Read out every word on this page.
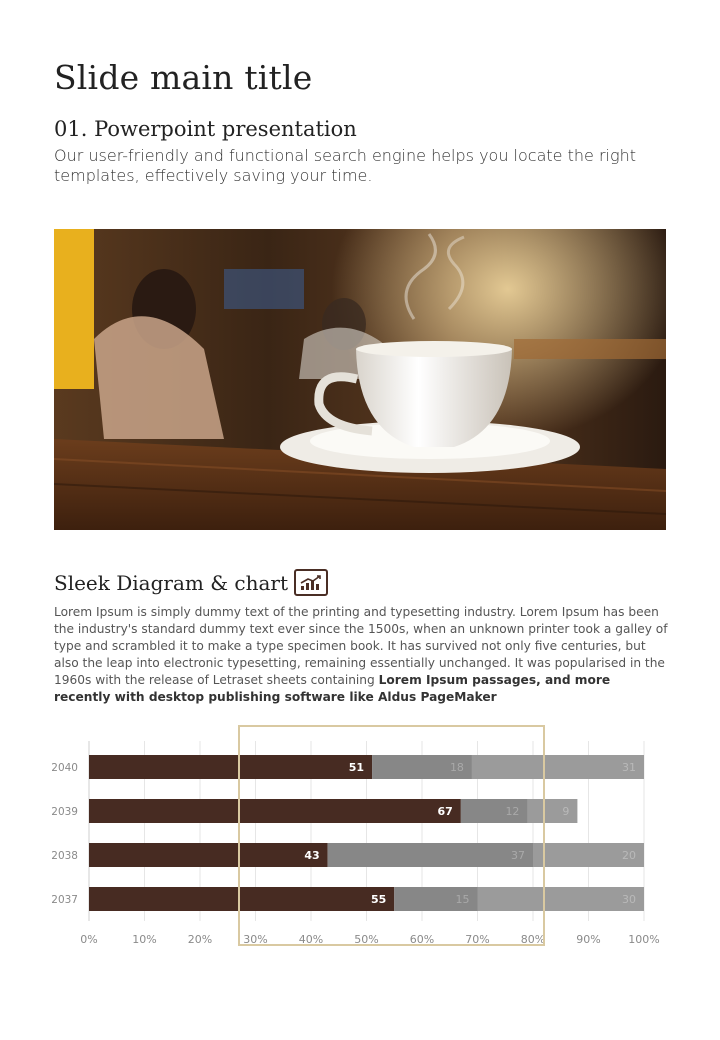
Slide main title
01. Powerpoint presentation
Our user-friendly and functional search engine helps you locate the right templates, effectively saving your time.
Sleek Diagram & chart
Lorem Ipsum is simply dummy text of the printing and typesetting industry. Lorem Ipsum has been the industry's standard dummy text ever since the 1500s, when an unknown printer took a galley of type and scrambled it to make a type specimen book. It has survived not only five centuries, but also the leap into electronic typesetting, remaining essentially unchanged. It was popularised in the 1960s with the release of Letraset sheets containing Lorem Ipsum passages, and more recently with desktop publishing software like Aldus PageMaker
0%	10%	20%	30%	40%	50%	60%	70%	80%	90%	100%
2040	51	18	31
2039	67	12	9
2038	43	37	20
2037	55	15	30
